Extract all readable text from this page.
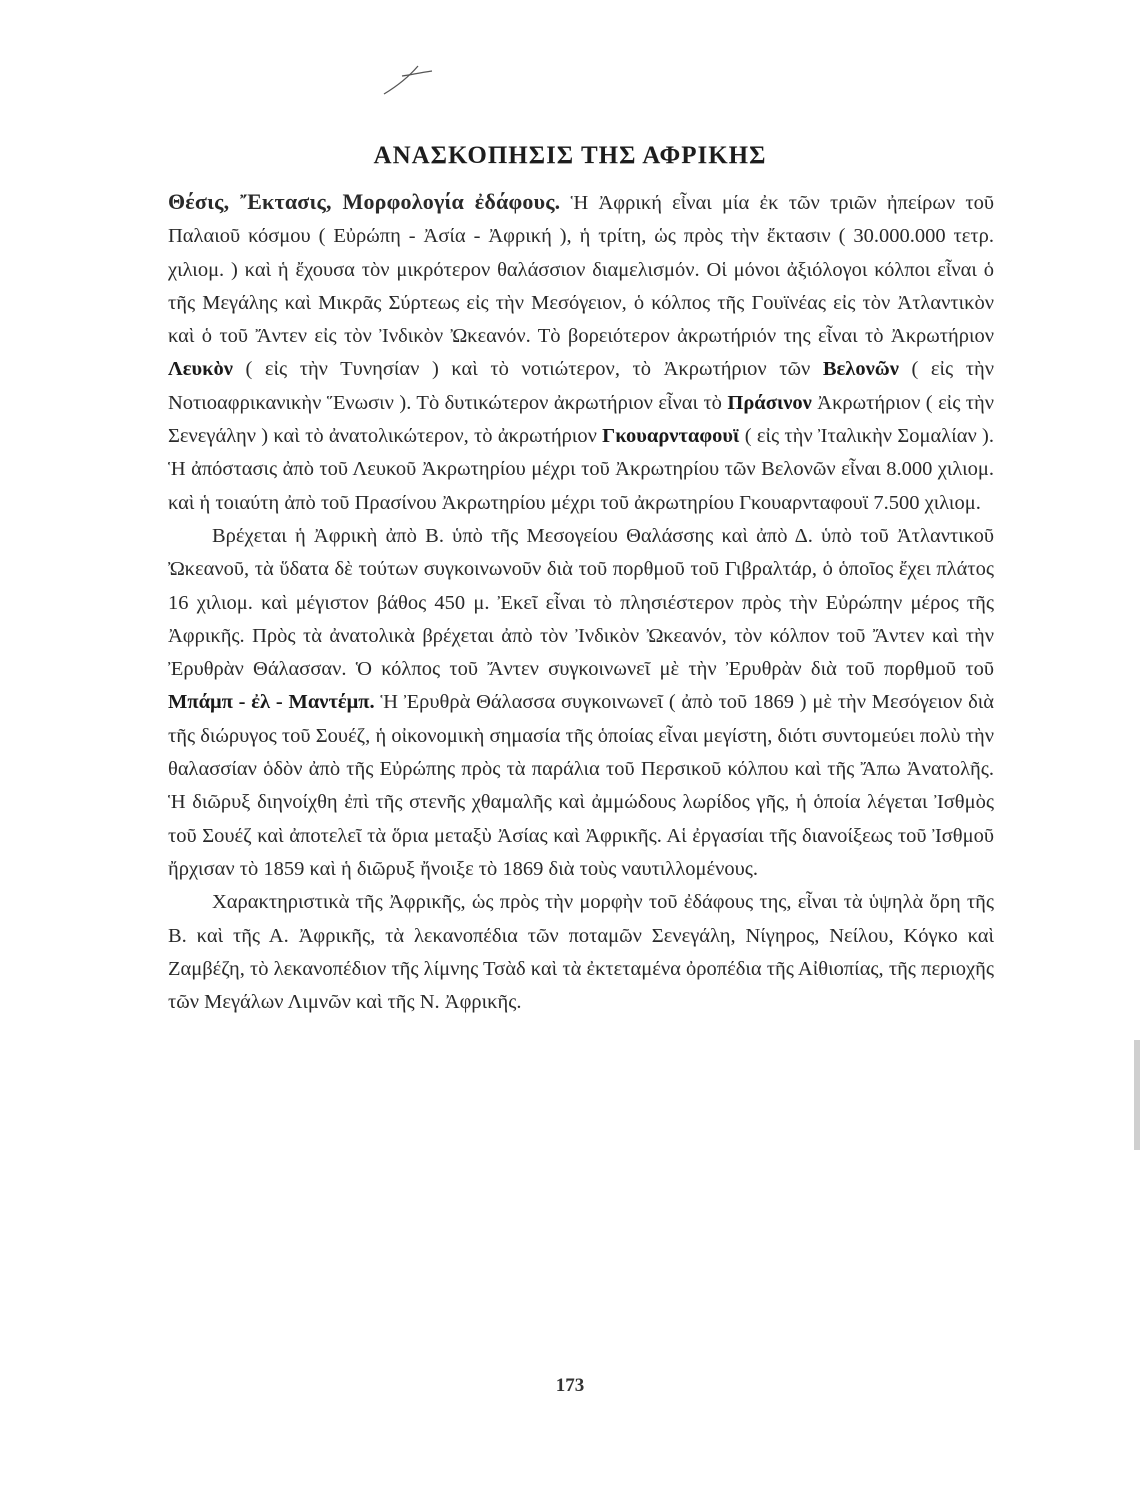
ΑΝΑΣΚΟΠΗΣΙΣ ΤΗΣ ΑΦΡΙΚΗΣ

Θέσις, Ἔκτασις, Μορφολογία ἐδάφους. Ἡ Ἀφρική εἶναι μία ἐκ τῶν τριῶν ἠπείρων τοῦ Παλαιοῦ κόσμου ( Εὐρώπη - Ἀσία - Ἀφρική ), ἡ τρίτη, ὡς πρὸς τὴν ἔκτασιν ( 30.000.000 τετρ. χιλιομ. ) καὶ ἡ ἔχουσα τὸν μικρότερον θαλάσσιον διαμελισμόν. Οἱ μόνοι ἀξιόλογοι κόλποι εἶναι ὁ τῆς Μεγάλης καὶ Μικρᾶς Σύρτεως εἰς τὴν Μεσόγειον, ὁ κόλπος τῆς Γουϊνέας εἰς τὸν Ἀτλαντικὸν καὶ ὁ τοῦ Ἄντεν εἰς τὸν Ἰνδικὸν Ὠκεανόν. Τὸ βορειότερον ἀκρωτήριόν της εἶναι τὸ Ἀκρωτήριον Λευκὸν ( εἰς τὴν Τυνησίαν ) καὶ τὸ νοτιώτερον, τὸ Ἀκρωτήριον τῶν Βελονῶν ( εἰς τὴν Νοτιοαφρικανικὴν Ἕνωσιν ). Τὸ δυτικώτερον ἀκρωτήριον εἶναι τὸ Πράσινον Ἀκρωτήριον ( εἰς τὴν Σενεγάλην ) καὶ τὸ ἀνατολικώτερον, τὸ ἀκρωτήριον Γκουαρνταφουϊ ( εἰς τὴν Ἰταλικὴν Σομαλίαν ). Ἡ ἀπόστασις ἀπὸ τοῦ Λευκοῦ Ἀκρωτηρίου μέχρι τοῦ Ἀκρωτηρίου τῶν Βελονῶν εἶναι 8.000 χιλιομ. καὶ ἡ τοιαύτη ἀπὸ τοῦ Πρασίνου Ἀκρωτηρίου μέχρι τοῦ ἀκρωτηρίου Γκουαρνταφουϊ 7.500 χιλιομ.

Βρέχεται ἡ Ἀφρικὴ ἀπὸ Β. ὑπὸ τῆς Μεσογείου Θαλάσσης καὶ ἀπὸ Δ. ὑπὸ τοῦ Ἀτλαντικοῦ Ὠκεανοῦ, τὰ ὕδατα δὲ τούτων συγκοινωνοῦν διὰ τοῦ πορθμοῦ τοῦ Γιβραλτάρ, ὁ ὁποῖος ἔχει πλάτος 16 χιλιομ. καὶ μέγιστον βάθος 450 μ. Ἐκεῖ εἶναι τὸ πλησιέστερον πρὸς τὴν Εὐρώπην μέρος τῆς Ἀφρικῆς. Πρὸς τὰ ἀνατολικὰ βρέχεται ἀπὸ τὸν Ἰνδικὸν Ὠκεανόν, τὸν κόλπον τοῦ Ἄντεν καὶ τὴν Ἐρυθρὰν Θάλασσαν. Ὁ κόλπος τοῦ Ἄντεν συγκοινωνεῖ μὲ τὴν Ἐρυθρὰν διὰ τοῦ πορθμοῦ τοῦ Μπάμπ - ἐλ - Μαντέμπ. Ἡ Ἐρυθρὰ Θάλασσα συγκοινωνεῖ ( ἀπὸ τοῦ 1869 ) μὲ τὴν Μεσόγειον διὰ τῆς διώρυγος τοῦ Σουέζ, ἡ οἰκονομικὴ σημασία τῆς ὁποίας εἶναι μεγίστη, διότι συντομεύει πολὺ τὴν θαλασσίαν ὁδὸν ἀπὸ τῆς Εὐρώπης πρὸς τὰ παράλια τοῦ Περσικοῦ κόλπου καὶ τῆς Ἄπω Ἀνατολῆς. Ἡ διῶρυξ διηνοίχθη ἐπὶ τῆς στενῆς χθαμαλῆς καὶ ἀμμώδους λωρίδος γῆς, ἡ ὁποία λέγεται Ἰσθμὸς τοῦ Σουέζ καὶ ἀποτελεῖ τὰ ὅρια μεταξὺ Ἀσίας καὶ Ἀφρικῆς. Αἱ ἐργασίαι τῆς διανοίξεως τοῦ Ἰσθμοῦ ἤρχισαν τὸ 1859 καὶ ἡ διῶρυξ ἤνοιξε τὸ 1869 διὰ τοὺς ναυτιλλομένους.

Χαρακτηριστικὰ τῆς Ἀφρικῆς, ὡς πρὸς τὴν μορφὴν τοῦ ἐδάφους της, εἶναι τὰ ὑψηλὰ ὄρη τῆς Β. καὶ τῆς Α. Ἀφρικῆς, τὰ λεκανοπέδια τῶν ποταμῶν Σενεγάλη, Νίγηρος, Νείλου, Κόγκο καὶ Ζαμβέζη, τὸ λεκανοπέδιον τῆς λίμνης Τσὰδ καὶ τὰ ἐκτεταμένα ὀροπέδια τῆς Αἰθιοπίας, τῆς περιοχῆς τῶν Μεγάλων Λιμνῶν καὶ τῆς Ν. Ἀφρικῆς.

173
